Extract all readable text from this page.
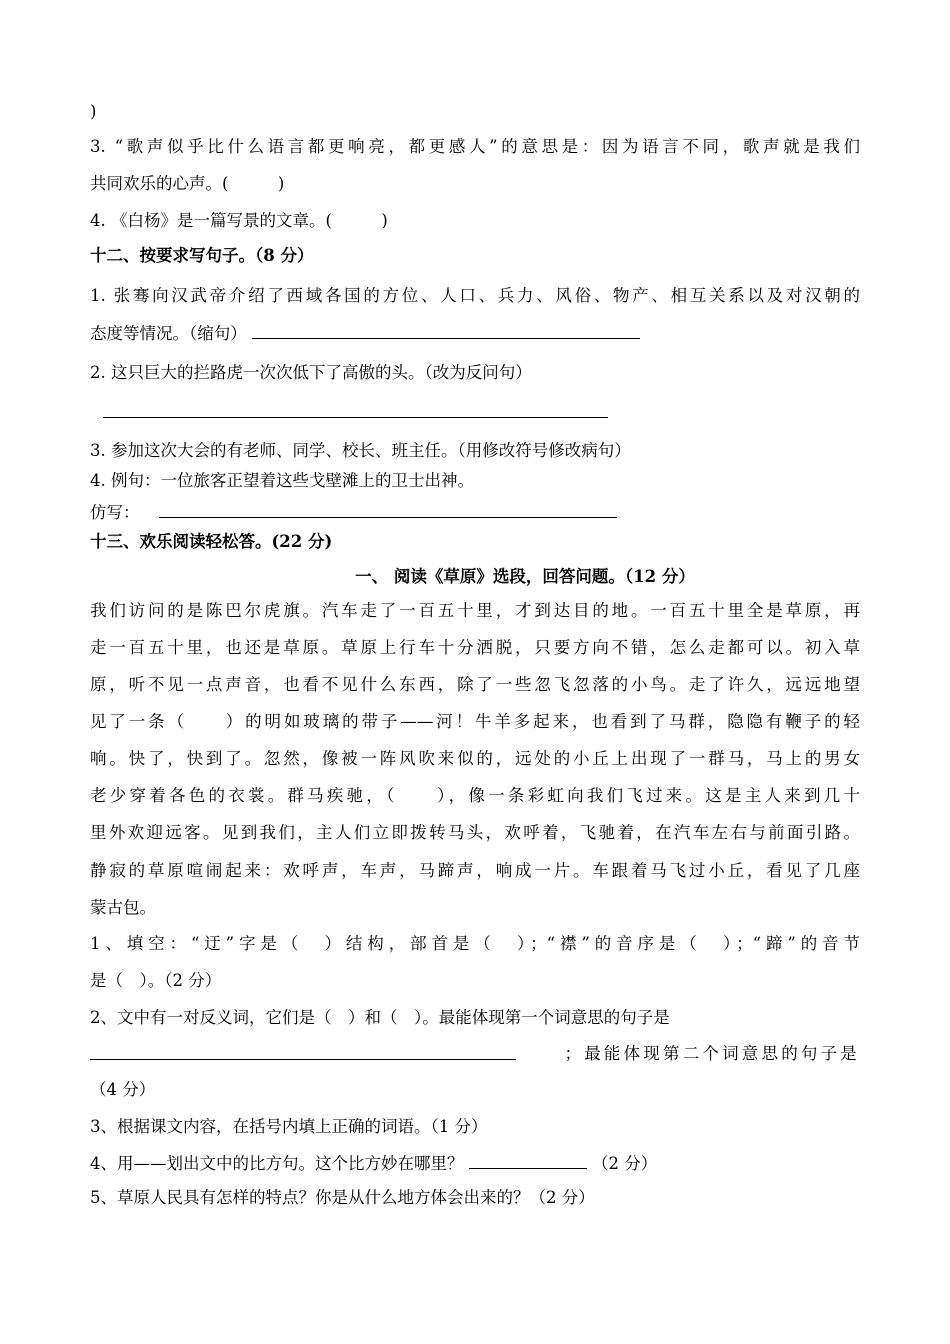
)
3. “歌声似乎比什么语言都更响亮，都更感人”的意思是：因为语言不同，歌声就是我们
共同欢乐的心声。(　　　)
4. 《白杨》是一篇写景的文章。(　　　)
十二、按要求写句子。（8 分）
1. 张骞向汉武帝介绍了西域各国的方位、人口、兵力、风俗、物产、相互关系以及对汉朝的
态度等情况。（缩句）
2. 这只巨大的拦路虎一次次低下了高傲的头。（改为反问句）
3. 参加这次大会的有老师、同学、校长、班主任。（用修改符号修改病句）
4. 例句：一位旅客正望着这些戈壁滩上的卫士出神。
仿写：
十三、欢乐阅读轻松答。(22 分)
一、 阅读《草原》选段，回答问题。（12 分）
我们访问的是陈巴尔虎旗。汽车走了一百五十里，才到达目的地。一百五十里全是草原，再
走一百五十里，也还是草原。草原上行车十分洒脱，只要方向不错，怎么走都可以。初入草
原，听不见一点声音，也看不见什么东西，除了一些忽飞忽落的小鸟。走了许久，远远地望
见了一条（　　）的明如玻璃的带子——河！牛羊多起来，也看到了马群，隐隐有鞭子的轻
响。快了，快到了。忽然，像被一阵风吹来似的，远处的小丘上出现了一群马，马上的男女
老少穿着各色的衣裳。群马疾驰，（　　），像一条彩虹向我们飞过来。这是主人来到几十
里外欢迎远客。见到我们，主人们立即拨转马头，欢呼着，飞驰着，在汽车左右与前面引路。
静寂的草原喧闹起来：欢呼声，车声，马蹄声，响成一片。车跟着马飞过小丘，看见了几座
蒙古包。
1、填空：“迂”字是（　）结构，部首是（　）；“襟”的音序是（　）；“蹄”的音节
是（　）。（2 分）
2、文中有一对反义词，它们是（　）和（　）。最能体现第一个词意思的句子是
；最能体现第二个词意思的句子是
（4 分）
3、根据课文内容，在括号内填上正确的词语。（1 分）
4、用——划出文中的比方句。这个比方妙在哪里？	（2 分）
5、草原人民具有怎样的特点？你是从什么地方体会出来的？（2 分）
